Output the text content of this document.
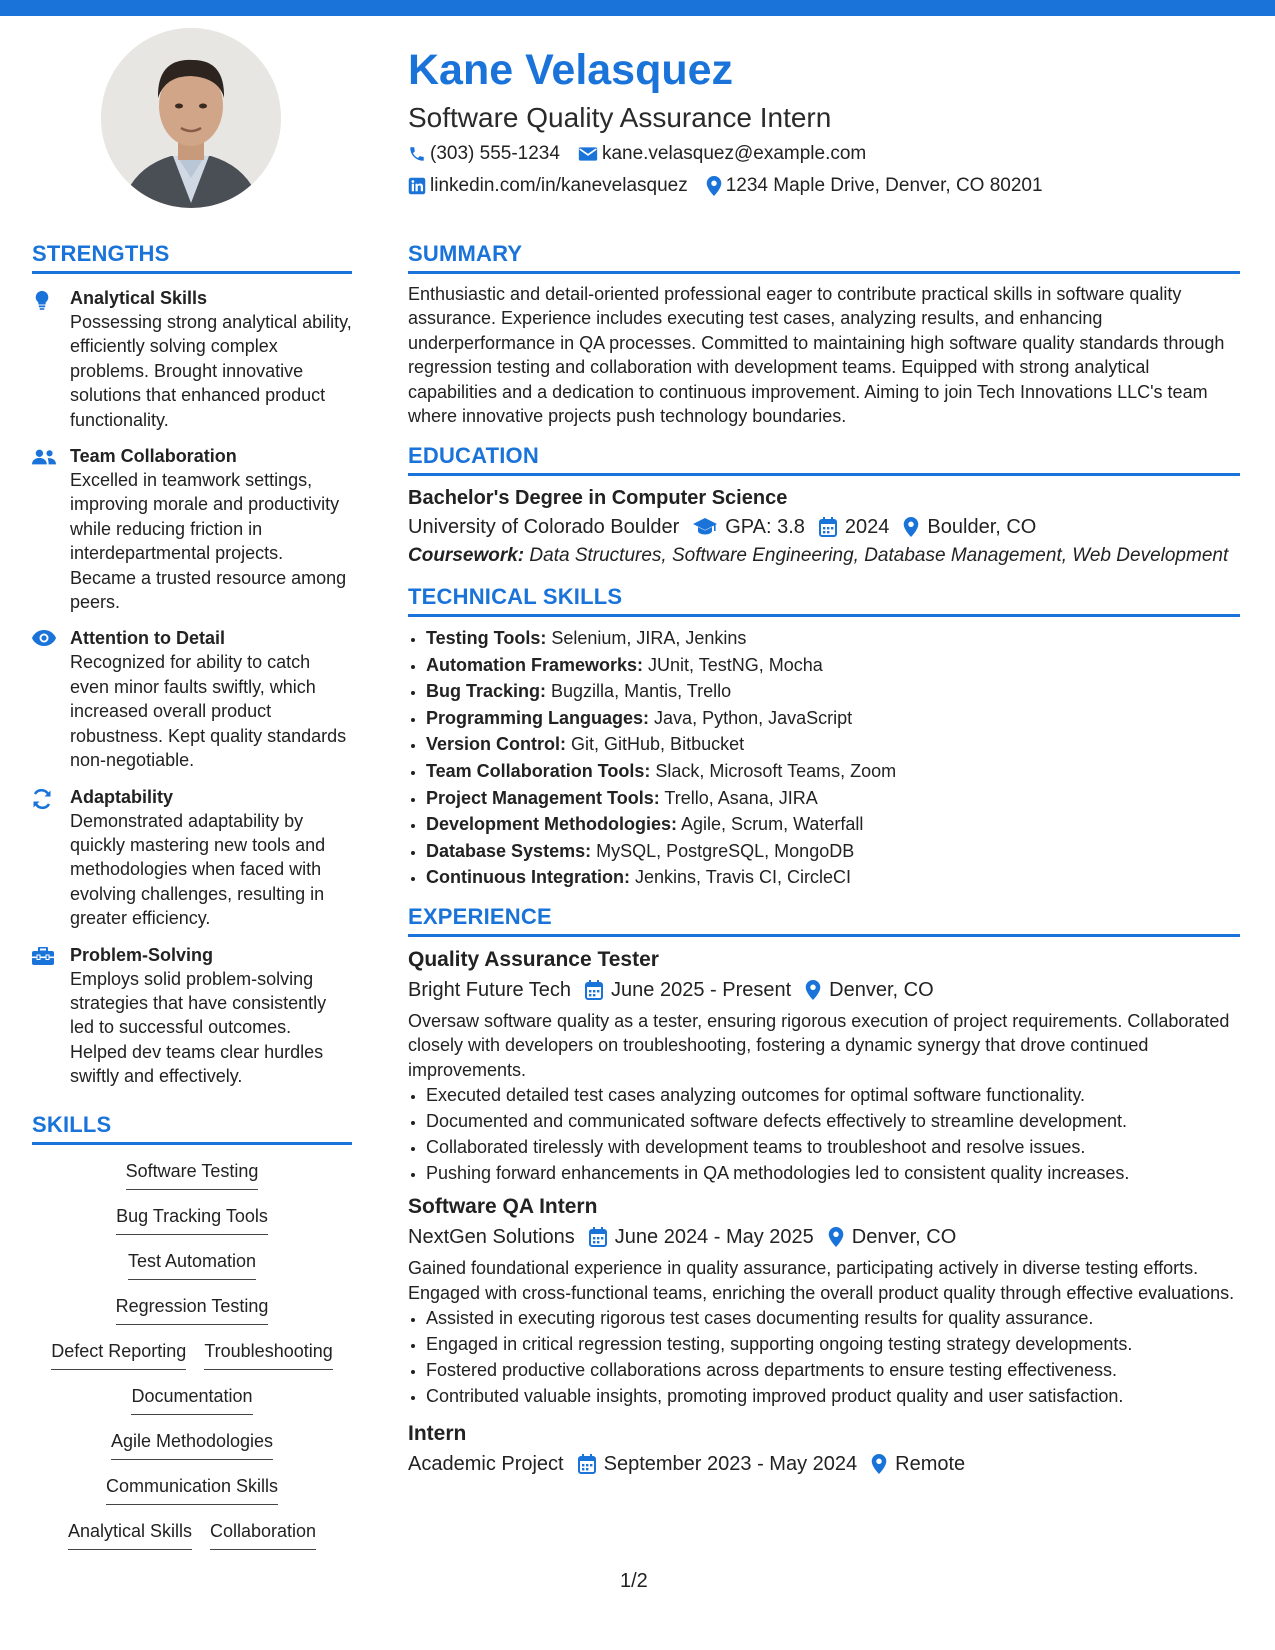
Kane Velasquez
Software Quality Assurance Intern
(303) 555-1234 kane.velasquez@example.com
linkedin.com/in/kanevelasquez 1234 Maple Drive, Denver, CO 80201
STRENGTHS
Analytical Skills
Possessing strong analytical ability, efficiently solving complex problems. Brought innovative solutions that enhanced product functionality.
Team Collaboration
Excelled in teamwork settings, improving morale and productivity while reducing friction in interdepartmental projects. Became a trusted resource among peers.
Attention to Detail
Recognized for ability to catch even minor faults swiftly, which increased overall product robustness. Kept quality standards non-negotiable.
Adaptability
Demonstrated adaptability by quickly mastering new tools and methodologies when faced with evolving challenges, resulting in greater efficiency.
Problem-Solving
Employs solid problem-solving strategies that have consistently led to successful outcomes. Helped dev teams clear hurdles swiftly and effectively.
SKILLS
Software Testing
Bug Tracking Tools
Test Automation
Regression Testing
Defect Reporting Troubleshooting
Documentation
Agile Methodologies
Communication Skills
Analytical Skills Collaboration
SUMMARY
Enthusiastic and detail-oriented professional eager to contribute practical skills in software quality assurance. Experience includes executing test cases, analyzing results, and enhancing underperformance in QA processes. Committed to maintaining high software quality standards through regression testing and collaboration with development teams. Equipped with strong analytical capabilities and a dedication to continuous improvement. Aiming to join Tech Innovations LLC's team where innovative projects push technology boundaries.
EDUCATION
Bachelor's Degree in Computer Science
University of Colorado Boulder GPA: 3.8 2024 Boulder, CO
Coursework: Data Structures, Software Engineering, Database Management, Web Development
TECHNICAL SKILLS
• Testing Tools: Selenium, JIRA, Jenkins
• Automation Frameworks: JUnit, TestNG, Mocha
• Bug Tracking: Bugzilla, Mantis, Trello
• Programming Languages: Java, Python, JavaScript
• Version Control: Git, GitHub, Bitbucket
• Team Collaboration Tools: Slack, Microsoft Teams, Zoom
• Project Management Tools: Trello, Asana, JIRA
• Development Methodologies: Agile, Scrum, Waterfall
• Database Systems: MySQL, PostgreSQL, MongoDB
• Continuous Integration: Jenkins, Travis CI, CircleCI
EXPERIENCE
Quality Assurance Tester
Bright Future Tech June 2025 - Present Denver, CO
Oversaw software quality as a tester, ensuring rigorous execution of project requirements. Collaborated closely with developers on troubleshooting, fostering a dynamic synergy that drove continued improvements.
• Executed detailed test cases analyzing outcomes for optimal software functionality.
• Documented and communicated software defects effectively to streamline development.
• Collaborated tirelessly with development teams to troubleshoot and resolve issues.
• Pushing forward enhancements in QA methodologies led to consistent quality increases.
Software QA Intern
NextGen Solutions June 2024 - May 2025 Denver, CO
Gained foundational experience in quality assurance, participating actively in diverse testing efforts. Engaged with cross-functional teams, enriching the overall product quality through effective evaluations.
• Assisted in executing rigorous test cases documenting results for quality assurance.
• Engaged in critical regression testing, supporting ongoing testing strategy developments.
• Fostered productive collaborations across departments to ensure testing effectiveness.
• Contributed valuable insights, promoting improved product quality and user satisfaction.
Intern
Academic Project September 2023 - May 2024 Remote
1/2
